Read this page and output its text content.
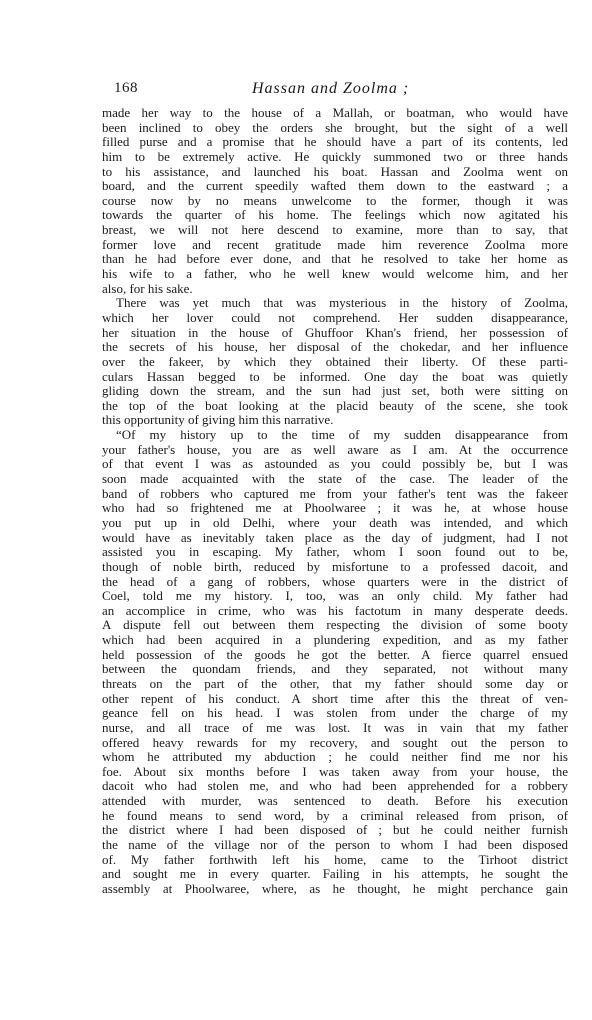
168	Hassan and Zoolma ;
made her way to the house of a Mallah, or boatman, who would have
been inclined to obey the orders she brought, but the sight of a well
filled purse and a promise that he should have a part of its contents, led
him to be extremely active. He quickly summoned two or three hands
to his assistance, and launched his boat. Hassan and Zoolma went on
board, and the current speedily wafted them down to the eastward ; a
course now by no means unwelcome to the former, though it was
towards the quarter of his home. The feelings which now agitated his
breast, we will not here descend to examine, more than to say, that
former love and recent gratitude made him reverence Zoolma more
than he had before ever done, and that he resolved to take her home as
his wife to a father, who he well knew would welcome him, and her
also, for his sake.
There was yet much that was mysterious in the history of Zoolma,
which her lover could not comprehend. Her sudden disappearance,
her situation in the house of Ghuffoor Khan's friend, her possession of
the secrets of his house, her disposal of the chokedar, and her influence
over the fakeer, by which they obtained their liberty. Of these parti-
culars Hassan begged to be informed. One day the boat was quietly
gliding down the stream, and the sun had just set, both were sitting on
the top of the boat looking at the placid beauty of the scene, she took
this opportunity of giving him this narrative.
“Of my history up to the time of my sudden disappearance from
your father's house, you are as well aware as I am. At the occurrence
of that event I was as astounded as you could possibly be, but I was
soon made acquainted with the state of the case. The leader of the
band of robbers who captured me from your father's tent was the fakeer
who had so frightened me at Phoolwaree ; it was he, at whose house
you put up in old Delhi, where your death was intended, and which
would have as inevitably taken place as the day of judgment, had I not
assisted you in escaping. My father, whom I soon found out to be,
though of noble birth, reduced by misfortune to a professed dacoit, and
the head of a gang of robbers, whose quarters were in the district of
Coel, told me my history. I, too, was an only child. My father had
an accomplice in crime, who was his factotum in many desperate deeds.
A dispute fell out between them respecting the division of some booty
which had been acquired in a plundering expedition, and as my father
held possession of the goods he got the better. A fierce quarrel ensued
between the quondam friends, and they separated, not without many
threats on the part of the other, that my father should some day or
other repent of his conduct. A short time after this the threat of ven-
geance fell on his head. I was stolen from under the charge of my
nurse, and all trace of me was lost. It was in vain that my father
offered heavy rewards for my recovery, and sought out the person to
whom he attributed my abduction ; he could neither find me nor his
foe. About six months before I was taken away from your house, the
dacoit who had stolen me, and who had been apprehended for a robbery
attended with murder, was sentenced to death. Before his execution
he found means to send word, by a criminal released from prison, of
the district where I had been disposed of ; but he could neither furnish
the name of the village nor of the person to whom I had been disposed
of. My father forthwith left his home, came to the Tirhoot district
and sought me in every quarter. Failing in his attempts, he sought the
assembly at Phoolwaree, where, as he thought, he might perchance gain
